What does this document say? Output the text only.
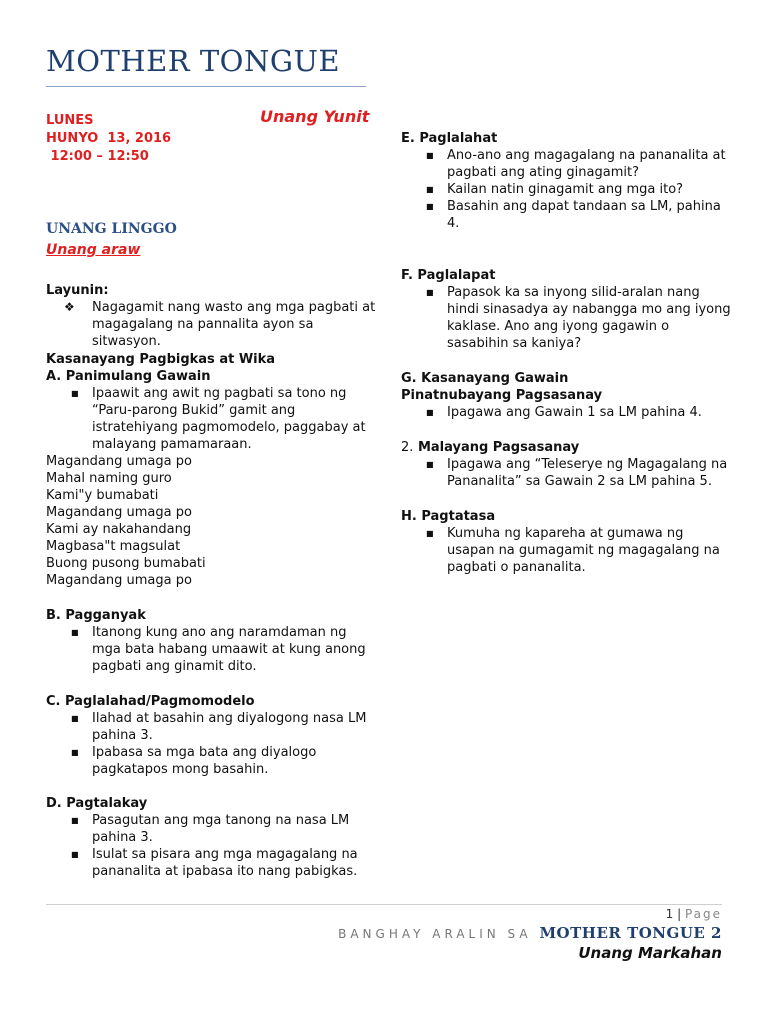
MOTHER TONGUE
LUNES
HUNYO  13, 2016
12:00 – 12:50
Unang Yunit
UNANG LINGGO
Unang araw
Layunin:
❖ Nagagamit nang wasto ang mga pagbati at magagalang na pannalita ayon sa sitwasyon.
Kasanayang Pagbigkas at Wika
A. Panimulang Gawain
■ Ipaawit ang awit ng pagbati sa tono ng “Paru-parong Bukid” gamit ang istratehiyang pagmomodelo, paggabay at malayang pamamaraan.
Magandang umaga po
Mahal naming guro
Kami"y bumabati
Magandang umaga po
Kami ay nakahandang
Magbasa"t magsulat
Buong pusong bumabati
Magandang umaga po
B. Pagganyak
■ Itanong kung ano ang naramdaman ng mga bata habang umaawit at kung anong pagbati ang ginamit dito.
C. Paglalahad/Pagmomodelo
■ Ilahad at basahin ang diyalogong nasa LM pahina 3.
■ Ipabasa sa mga bata ang diyalogo pagkatapos mong basahin.
D. Pagtalakay
■ Pasagutan ang mga tanong na nasa LM pahina 3.
■ Isulat sa pisara ang mga magagalang na pananalita at ipabasa ito nang pabigkas.
E. Paglalahat
■ Ano-ano ang magagalang na pananalita at pagbati ang ating ginagamit?
■ Kailan natin ginagamit ang mga ito?
■ Basahin ang dapat tandaan sa LM, pahina 4.
F. Paglalapat
■ Papasok ka sa inyong silid-aralan nang hindi sinasadya ay nabangga mo ang iyong kaklase. Ano ang iyong gagawin o sasabihin sa kaniya?
G. Kasanayang Gawain
Pinatnubayang Pagsasanay
■ Ipagawa ang Gawain 1 sa LM pahina 4.
2. Malayang Pagsasanay
■ Ipagawa ang “Teleserye ng Magagalang na Pananalita” sa Gawain 2 sa LM pahina 5.
H. Pagtatasa
■ Kumuha ng kapareha at gumawa ng usapan na gumagamit ng magagalang na pagbati o pananalita.
1 | Page
BANGHAY ARALIN SA MOTHER TONGUE 2
Unang Markahan
